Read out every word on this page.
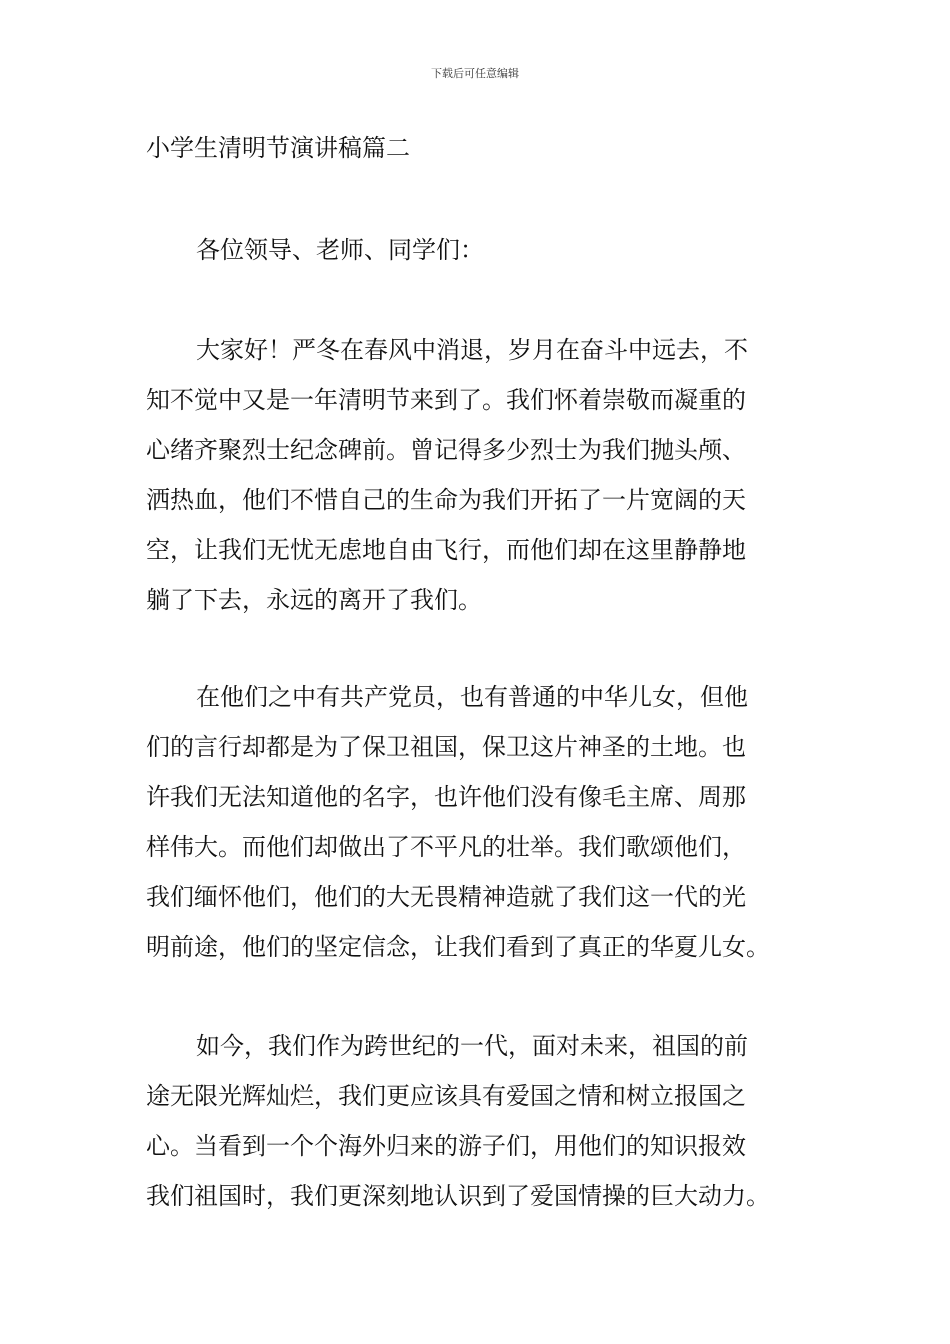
下载后可任意编辑
小学生清明节演讲稿篇二

各位领导、老师、同学们：

大家好！严冬在春风中消退，岁月在奋斗中远去，不
知不觉中又是一年清明节来到了。我们怀着崇敬而凝重的
心绪齐聚烈士纪念碑前。曾记得多少烈士为我们抛头颅、
洒热血，他们不惜自己的生命为我们开拓了一片宽阔的天
空，让我们无忧无虑地自由飞行，而他们却在这里静静地
躺了下去，永远的离开了我们。

在他们之中有共产党员，也有普通的中华儿女，但他
们的言行却都是为了保卫祖国，保卫这片神圣的土地。也
许我们无法知道他的名字，也许他们没有像毛主席、周那
样伟大。而他们却做出了不平凡的壮举。我们歌颂他们，
我们缅怀他们，他们的大无畏精神造就了我们这一代的光
明前途，他们的坚定信念，让我们看到了真正的华夏儿女。

如今，我们作为跨世纪的一代，面对未来，祖国的前
途无限光辉灿烂，我们更应该具有爱国之情和树立报国之
心。当看到一个个海外归来的游子们，用他们的知识报效
我们祖国时，我们更深刻地认识到了爱国情操的巨大动力。
